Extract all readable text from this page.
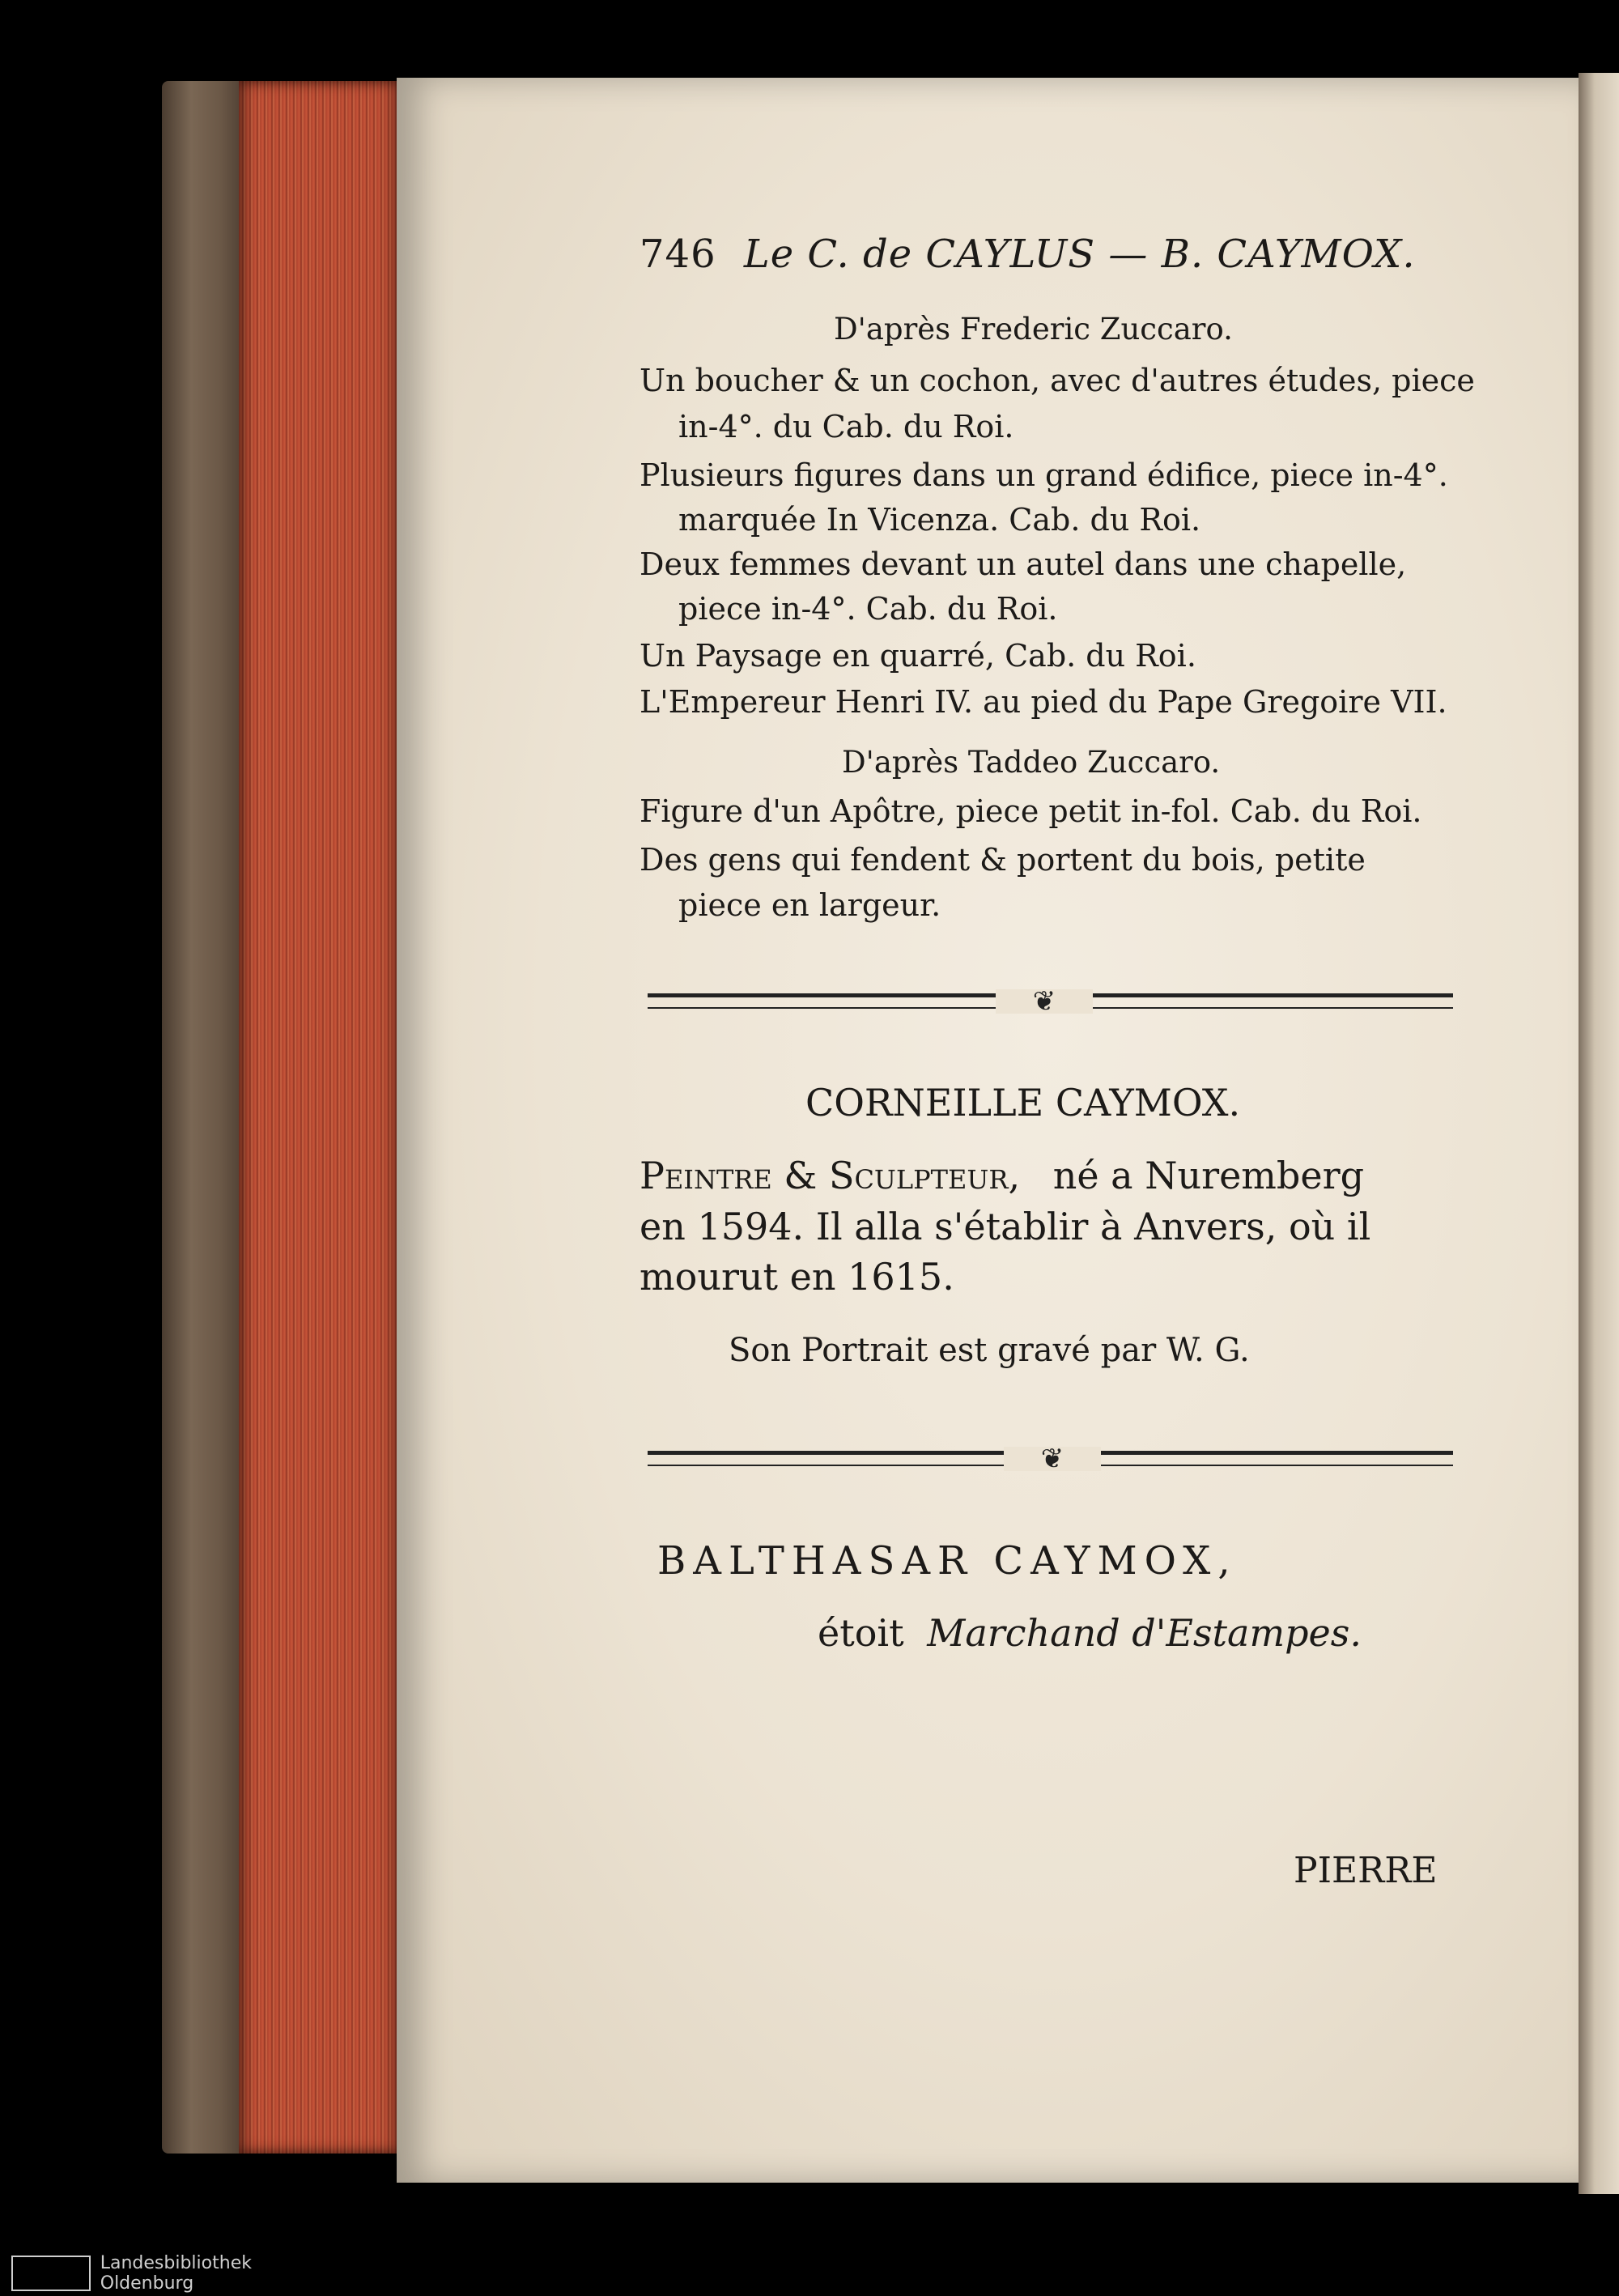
746 Le C. de CAYLUS — B. CAYMOX.
D'après Frederic Zuccaro.
Un boucher & un cochon, avec d'autres études, piece
in-4°. du Cab. du Roi.
Plusieurs figures dans un grand édifice, piece in-4°.
marquée In Vicenza. Cab. du Roi.
Deux femmes devant un autel dans une chapelle,
piece in-4°. Cab. du Roi.
Un Paysage en quarré, Cab. du Roi.
L'Empereur Henri IV. au pied du Pape Gregoire VII.
D'après Taddeo Zuccaro.
Figure d'un Apôtre, piece petit in-fol. Cab. du Roi.
Des gens qui fendent & portent du bois, petite
piece en largeur.
❦
CORNEILLE CAYMOX.
Peintre & Sculpteur, né a Nuremberg
en 1594. Il alla s'établir à Anvers, où il
mourut en 1615.
Son Portrait est gravé par W. G.
❦
BALTHASAR CAYMOX,
étoit Marchand d'Estampes.
PIERRE
Landesbibliothek Oldenburg
